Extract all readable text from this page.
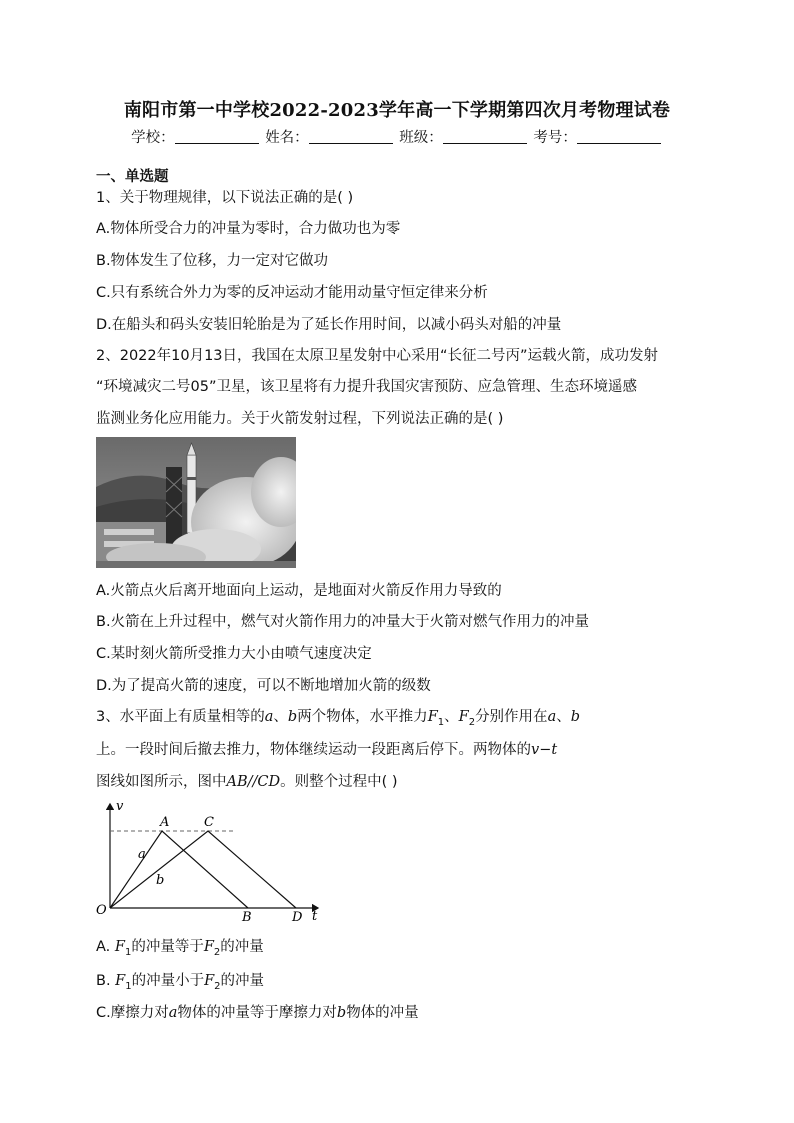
南阳市第一中学校2022-2023学年高一下学期第四次月考物理试卷
学校：	姓名：	班级：	考号：
一、单选题
1、关于物理规律，以下说法正确的是( )
A.物体所受合力的冲量为零时，合力做功也为零
B.物体发生了位移，力一定对它做功
C.只有系统合外力为零的反冲运动才能用动量守恒定律来分析
D.在船头和码头安装旧轮胎是为了延长作用时间，以减小码头对船的冲量
2、2022年10月13日，我国在太原卫星发射中心采用“长征二号丙”运载火箭，成功发射
“环境减灾二号05”卫星，该卫星将有力提升我国灾害预防、应急管理、生态环境遥感
监测业务化应用能力。关于火箭发射过程，下列说法正确的是( )
A.火箭点火后离开地面向上运动，是地面对火箭反作用力导致的
B.火箭在上升过程中，燃气对火箭作用力的冲量大于火箭对燃气作用力的冲量
C.某时刻火箭所受推力大小由喷气速度决定
D.为了提高火箭的速度，可以不断地增加火箭的级数
3、水平面上有质量相等的a、b两个物体，水平推力$F_1$、$F_2$分别作用在a、b
上。一段时间后撤去推力，物体继续运动一段距离后停下。两物体的v−t
图线如图所示，图中AB//CD。则整个过程中( )
v
t
O
A	C
B	D
a
b
A. $F_1$的冲量等于$F_2$的冲量
B. $F_1$的冲量小于$F_2$的冲量
C.摩擦力对a物体的冲量等于摩擦力对b物体的冲量
